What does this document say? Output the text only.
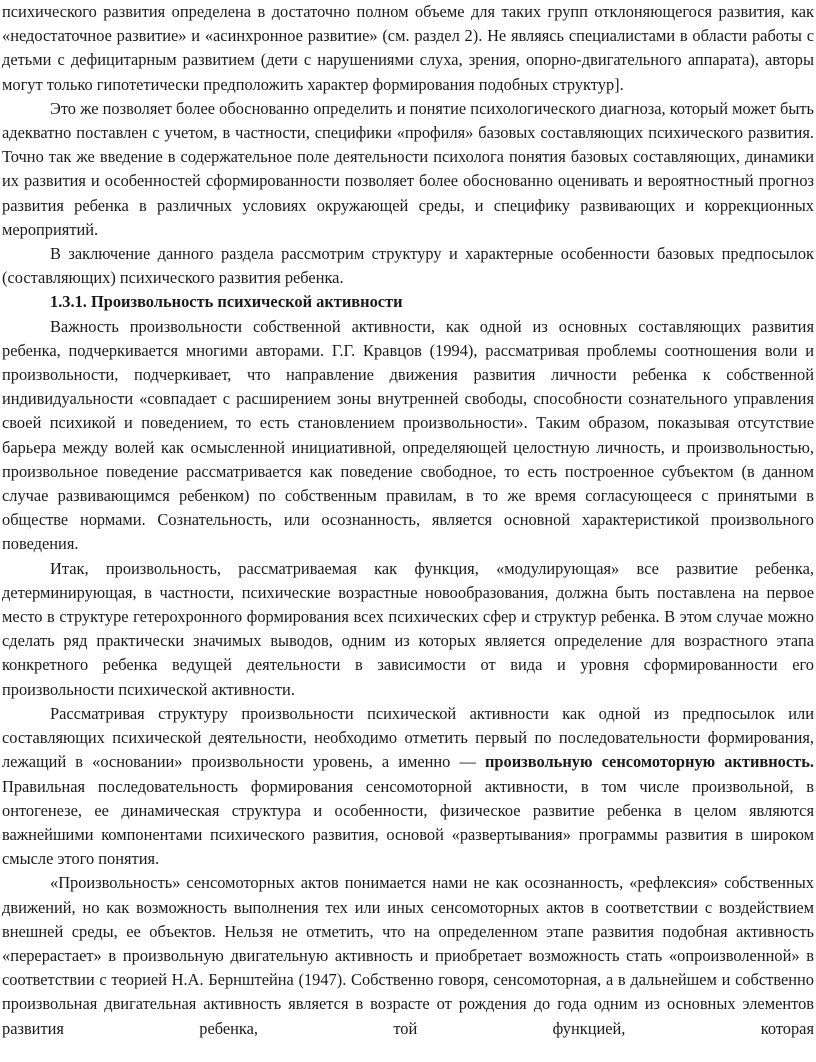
психического развития определена в достаточно полном объеме для таких групп отклоняющегося развития, как «недостаточное развитие» и «асинхронное развитие» (см. раздел 2). Не являясь специалистами в области работы с детьми с дефицитарным развитием (дети с нарушениями слуха, зрения, опорно-двигательного аппарата), авторы могут только гипотетически предположить характер формирования подобных структур].

Это же позволяет более обоснованно определить и понятие психологического диагноза, который может быть адекватно поставлен с учетом, в частности, специфики «профиля» базовых составляющих психического развития. Точно так же введение в содержательное поле деятельности психолога понятия базовых составляющих, динамики их развития и особенностей сформированности позволяет более обоснованно оценивать и вероятностный прогноз развития ребенка в различных условиях окружающей среды, и специфику развивающих и коррекционных мероприятий.

В заключение данного раздела рассмотрим структуру и характерные особенности базовых предпосылок (составляющих) психического развития ребенка.

1.3.1. Произвольность психической активности

Важность произвольности собственной активности, как одной из основных составляющих развития ребенка, подчеркивается многими авторами. Г.Г. Кравцов (1994), рассматривая проблемы соотношения воли и произвольности, подчеркивает, что направление движения развития личности ребенка к собственной индивидуальности «совпадает с расширением зоны внутренней свободы, способности сознательного управления своей психикой и поведением, то есть становлением произвольности». Таким образом, показывая отсутствие барьера между волей как осмысленной инициативной, определяющей целостную личность, и произвольностью, произвольное поведение рассматривается как поведение свободное, то есть построенное субъектом (в данном случае развивающимся ребенком) по собственным правилам, в то же время согласующееся с принятыми в обществе нормами. Сознательность, или осознанность, является основной характеристикой произвольного поведения.

Итак, произвольность, рассматриваемая как функция, «модулирующая» все развитие ребенка, детерминирующая, в частности, психические возрастные новообразования, должна быть поставлена на первое место в структуре гетерохронного формирования всех психических сфер и структур ребенка. В этом случае можно сделать ряд практически значимых выводов, одним из которых является определение для возрастного этапа конкретного ребенка ведущей деятельности в зависимости от вида и уровня сформированности его произвольности психической активности.

Рассматривая структуру произвольности психической активности как одной из предпосылок или составляющих психической деятельности, необходимо отметить первый по последовательности формирования, лежащий в «основании» произвольности уровень, а именно — произвольную сенсомоторную активность. Правильная последовательность формирования сенсомоторной активности, в том числе произвольной, в онтогенезе, ее динамическая структура и особенности, физическое развитие ребенка в целом являются важнейшими компонентами психического развития, основой «развертывания» программы развития в широком смысле этого понятия.

«Произвольность» сенсомоторных актов понимается нами не как осознанность, «рефлексия» собственных движений, но как возможность выполнения тех или иных сенсомоторных актов в соответствии с воздействием внешней среды, ее объектов. Нельзя не отметить, что на определенном этапе развития подобная активность «перерастает» в произвольную двигательную активность и приобретает возможность стать «опроизволенной» в соответствии с теорией Н.А. Бернштейна (1947). Собственно говоря, сенсомоторная, а в дальнейшем и собственно произвольная двигательная активность является в возрасте от рождения до года одним из основных элементов развития ребенка, той функцией, которая
